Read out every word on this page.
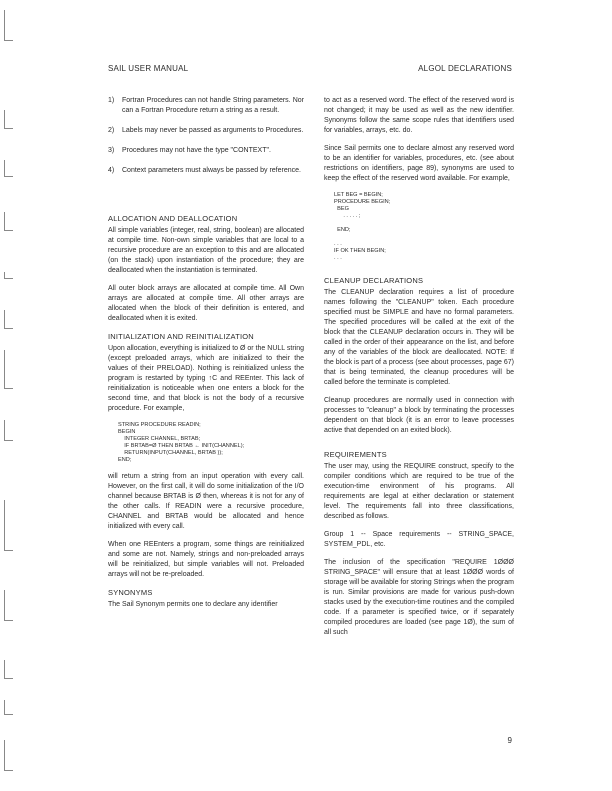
SAIL USER MANUAL	ALGOL DECLARATIONS
1)	Fortran Procedures can not handle String parameters. Nor can a Fortran Procedure return a string as a result.
2)	Labels may never be passed as arguments to Procedures.
3)	Procedures may not have the type "CONTEXT".
4)	Context parameters must always be passed by reference.
ALLOCATION AND DEALLOCATION

All simple variables (integer, real, string, boolean) are allocated at compile time. Non-own simple variables that are local to a recursive procedure are an exception to this and are allocated (on the stack) upon instantiation of the procedure; they are deallocated when the instantiation is terminated.

All outer block arrays are allocated at compile time. All Own arrays are allocated at compile time. All other arrays are allocated when the block of their definition is entered, and deallocated when it is exited.

INITIALIZATION AND REINITIALIZATION

Upon allocation, everything is initialized to Ø or the NULL string (except preloaded arrays, which are initialized to their the values of their PRELOAD). Nothing is reinitialized unless the program is restarted by typing ↑C and REEnter. This lack of reinitialization is noticeable when one enters a block for the second time, and that block is not the body of a recursive procedure. For example,

STRING PROCEDURE READIN;
BEGIN
INTEGER CHANNEL, BRTAB;
IF BRTAB=Ø THEN BRTAB ← INIT(CHANNEL);
RETURN(INPUT(CHANNEL, BRTAB ));
END;

will return a string from an input operation with every call. However, on the first call, it will do some initialization of the I/O channel because BRTAB is Ø then, whereas it is not for any of the other calls. If READIN were a recursive procedure, CHANNEL and BRTAB would be allocated and hence initialized with every call.

When one REEnters a program, some things are reinitialized and some are not. Namely, strings and non-preloaded arrays will be reinitialized, but simple variables will not. Preloaded arrays will not be re-preloaded.

SYNONYMS

The Sail Synonym permits one to declare any identifier

to act as a reserved word. The effect of the reserved word is not changed; it may be used as well as the new identifier. Synonyms follow the same scope rules that identifiers used for variables, arrays, etc. do.

Since Sail permits one to declare almost any reserved word to be an identifier for variables, procedures, etc. (see about restrictions on identifiers, page 89), synonyms are used to keep the effect of the reserved word available. For example,

LET BEG = BEGIN;
PROCEDURE BEGIN;
BEG
. . . . . ;

END;

. . .
IF OK THEN BEGIN;
. . .
CLEANUP DECLARATIONS

The CLEANUP declaration requires a list of procedure names following the "CLEANUP" token. Each procedure specified must be SIMPLE and have no formal parameters. The specified procedures will be called at the exit of the block that the CLEANUP declaration occurs in. They will be called in the order of their appearance on the list, and before any of the variables of the block are deallocated. NOTE: If the block is part of a process (see about processes, page 67) that is being terminated, the cleanup procedures will be called before the terminate is completed.

Cleanup procedures are normally used in connection with processes to "cleanup" a block by terminating the processes dependent on that block (it is an error to leave processes active that depended on an exited block).

REQUIREMENTS

The user may, using the REQUIRE construct, specify to the compiler conditions which are required to be true of the execution-time environment of his programs. All requirements are legal at either declaration or statement level. The requirements fall into three classifications, described as follows.

Group 1 -- Space requirements -- STRING_SPACE, SYSTEM_PDL, etc.

The inclusion of the specification "REQUIRE 1ØØØ STRING_SPACE" will ensure that at least 1ØØØ words of storage will be available for storing Strings when the program is run. Similar provisions are made for various push-down stacks used by the execution-time routines and the compiled code. If a parameter is specified twice, or if separately compiled procedures are loaded (see page 1Ø), the sum of all such

9
